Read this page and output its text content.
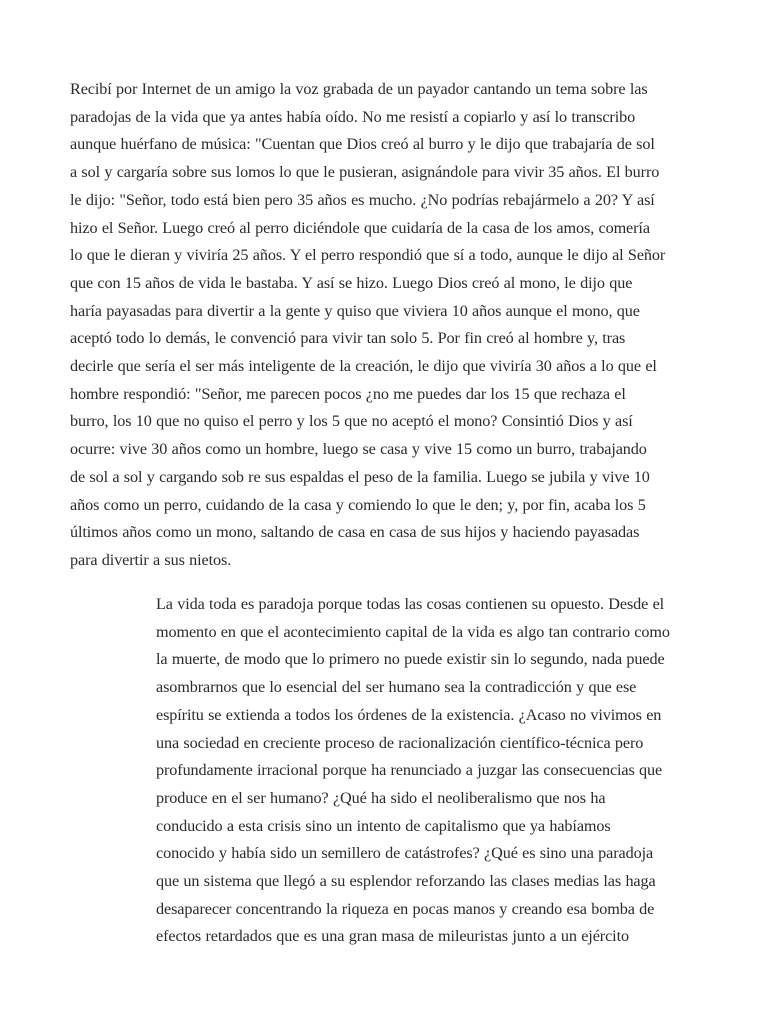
Recibí por Internet de un amigo la voz grabada de un payador cantando un tema sobre las
paradojas de la vida que ya antes había oído. No me resistí a copiarlo y así lo transcribo
aunque huérfano de música: "Cuentan que Dios creó al burro y le dijo que trabajaría de sol
a sol y cargaría sobre sus lomos lo que le pusieran, asignándole para vivir 35 años. El burro
le dijo: "Señor, todo está bien pero 35 años es mucho. ¿No podrías rebajármelo a 20? Y así
hizo el Señor. Luego creó al perro diciéndole que cuidaría de la casa de los amos, comería
lo que le dieran y viviría 25 años. Y el perro respondió que sí a todo, aunque le dijo al Señor
que con 15 años de vida le bastaba. Y así se hizo. Luego Dios creó al mono, le dijo que
haría payasadas para divertir a la gente y quiso que viviera 10 años aunque el mono, que
aceptó todo lo demás, le convenció para vivir tan solo 5. Por fin creó al hombre y, tras
decirle que sería el ser más inteligente de la creación, le dijo que viviría 30 años a lo que el
hombre respondió: "Señor, me parecen pocos ¿no me puedes dar los 15 que rechaza el
burro, los 10 que no quiso el perro y los 5 que no aceptó el mono? Consintió Dios y así
ocurre: vive 30 años como un hombre, luego se casa y vive 15 como un burro, trabajando
de sol a sol y cargando sob re sus espaldas el peso de la familia. Luego se jubila y vive 10
años como un perro, cuidando de la casa y comiendo lo que le den; y, por fin, acaba los 5
últimos años como un mono, saltando de casa en casa de sus hijos y haciendo payasadas
para divertir a sus nietos.

La vida toda es paradoja porque todas las cosas contienen su opuesto. Desde el
momento en que el acontecimiento capital de la vida es algo tan contrario como
la muerte, de modo que lo primero no puede existir sin lo segundo, nada puede
asombrarnos que lo esencial del ser humano sea la contradicción y que ese
espíritu se extienda a todos los órdenes de la existencia. ¿Acaso no vivimos en
una sociedad en creciente proceso de racionalización científico-técnica pero
profundamente irracional porque ha renunciado a juzgar las consecuencias que
produce en el ser humano? ¿Qué ha sido el neoliberalismo que nos ha
conducido a esta crisis sino un intento de capitalismo que ya habíamos
conocido y había sido un semillero de catástrofes? ¿Qué es sino una paradoja
que un sistema que llegó a su esplendor reforzando las clases medias las haga
desaparecer concentrando la riqueza en pocas manos y creando esa bomba de
efectos retardados que es una gran masa de mileuristas junto a un ejército
